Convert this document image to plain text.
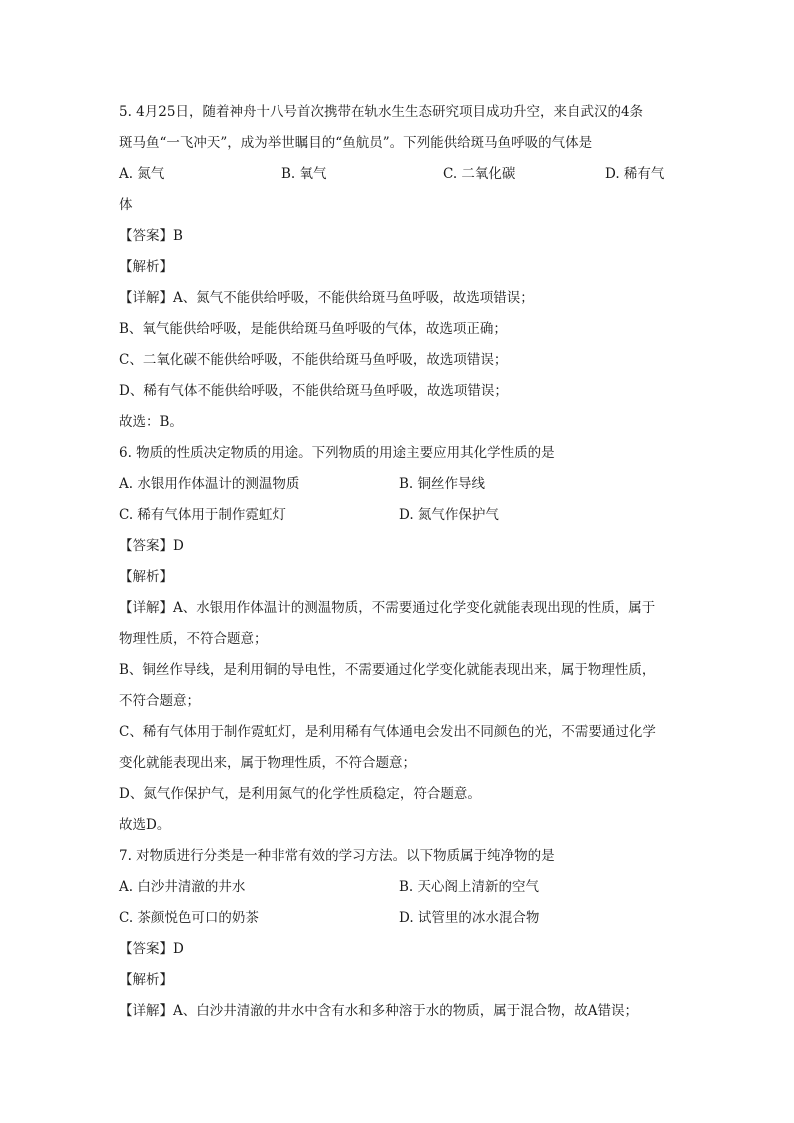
5. 4月25日，随着神舟十八号首次携带在轨水生生态研究项目成功升空，来自武汉的4条
斑马鱼“一飞冲天”，成为举世瞩目的“鱼航员”。下列能供给斑马鱼呼吸的气体是
A. 氮气	B. 氧气	C. 二氧化碳	D. 稀有气
体
【答案】B
【解析】
【详解】A、氮气不能供给呼吸，不能供给斑马鱼呼吸，故选项错误；
B、氧气能供给呼吸，是能供给斑马鱼呼吸的气体，故选项正确；
C、二氧化碳不能供给呼吸，不能供给斑马鱼呼吸，故选项错误；
D、稀有气体不能供给呼吸，不能供给斑马鱼呼吸，故选项错误；
故选：B。
6. 物质的性质决定物质的用途。下列物质的用途主要应用其化学性质的是
A. 水银用作体温计的测温物质	B. 铜丝作导线
C. 稀有气体用于制作霓虹灯	D. 氮气作保护气
【答案】D
【解析】
【详解】A、水银用作体温计的测温物质，不需要通过化学变化就能表现出现的性质，属于
物理性质，不符合题意；
B、铜丝作导线，是利用铜的导电性，不需要通过化学变化就能表现出来，属于物理性质，
不符合题意；
C、稀有气体用于制作霓虹灯，是利用稀有气体通电会发出不同颜色的光，不需要通过化学
变化就能表现出来，属于物理性质，不符合题意；
D、氮气作保护气，是利用氮气的化学性质稳定，符合题意。
故选D。
7. 对物质进行分类是一种非常有效的学习方法。以下物质属于纯净物的是
A. 白沙井清澈的井水	B. 天心阁上清新的空气
C. 茶颜悦色可口的奶茶	D. 试管里的冰水混合物
【答案】D
【解析】
【详解】A、白沙井清澈的井水中含有水和多种溶于水的物质，属于混合物，故A错误；
